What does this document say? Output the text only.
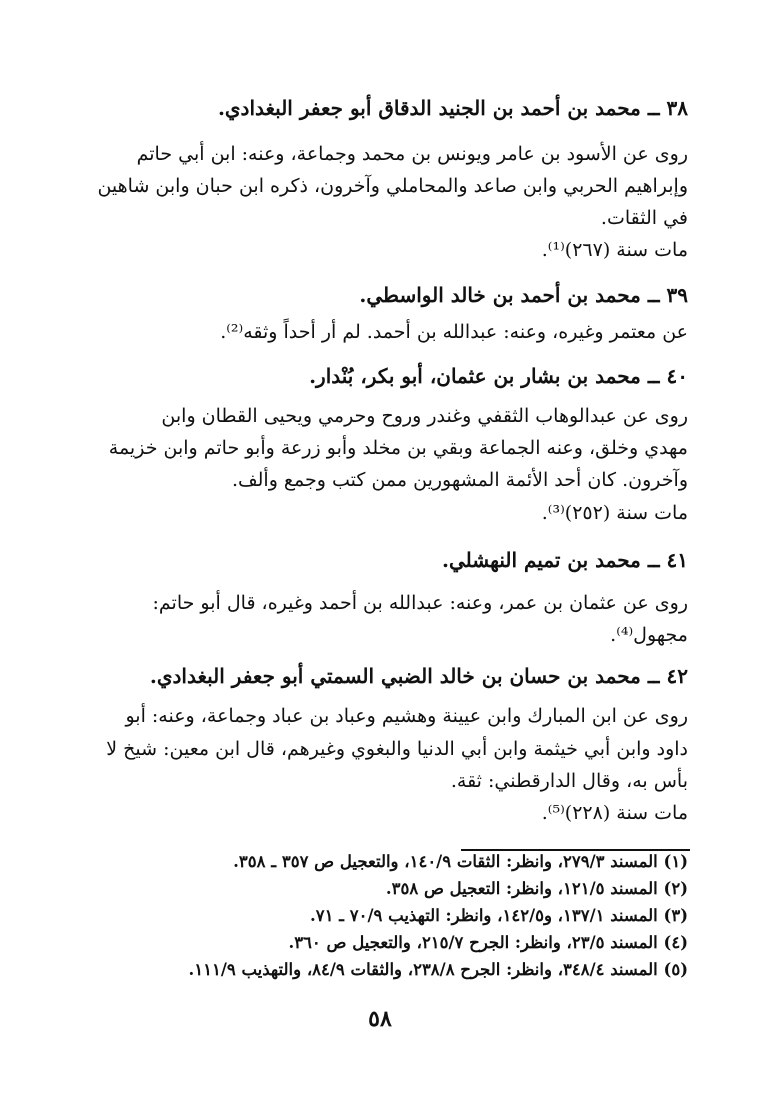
٣٨ ــ محمد بن أحمد بن الجنيد الدقاق أبو جعفر البغدادي.
روى عن الأسود بن عامر ويونس بن محمد وجماعة، وعنه: ابن أبي حاتم
وإبراهيم الحربي وابن صاعد والمحاملي وآخرون، ذكره ابن حبان وابن شاهين
في الثقات.
مات سنة (٢٦٧)⁽¹⁾.
٣٩ ــ محمد بن أحمد بن خالد الواسطي.
عن معتمر وغيره، وعنه: عبدالله بن أحمد. لم أر أحداً وثقه⁽²⁾.
٤٠ ــ محمد بن بشار بن عثمان، أبو بكر، بُنْدار.
روى عن عبدالوهاب الثقفي وغندر وروح وحرمي ويحيى القطان وابن
مهدي وخلق، وعنه الجماعة وبقي بن مخلد وأبو زرعة وأبو حاتم وابن خزيمة
وآخرون. كان أحد الأئمة المشهورين ممن كتب وجمع وألف.
مات سنة (٢٥٢)⁽³⁾.
٤١ ــ محمد بن تميم النهشلي.
روى عن عثمان بن عمر، وعنه: عبدالله بن أحمد وغيره، قال أبو حاتم:
مجهول⁽⁴⁾.
٤٢ ــ محمد بن حسان بن خالد الضبي السمتي أبو جعفر البغدادي.
روى عن ابن المبارك وابن عيينة وهشيم وعباد بن عباد وجماعة، وعنه: أبو
داود وابن أبي خيثمة وابن أبي الدنيا والبغوي وغيرهم، قال ابن معين: شيخ لا
بأس به، وقال الدارقطني: ثقة.
مات سنة (٢٢٨)⁽⁵⁾.
(١) المسند ٢٧٩/٣، وانظر: الثقات ١٤٠/٩، والتعجيل ص ٣٥٧ ـ ٣٥٨.
(٢) المسند ١٢١/٥، وانظر: التعجيل ص ٣٥٨.
(٣) المسند ١٣٧/١، و١٤٢/٥، وانظر: التهذيب ٧٠/٩ ـ ٧١.
(٤) المسند ٢٣/٥، وانظر: الجرح ٢١٥/٧، والتعجيل ص ٣٦٠.
(٥) المسند ٣٤٨/٤، وانظر: الجرح ٢٣٨/٨، والثقات ٨٤/٩، والتهذيب ١١١/٩.
٥٨
